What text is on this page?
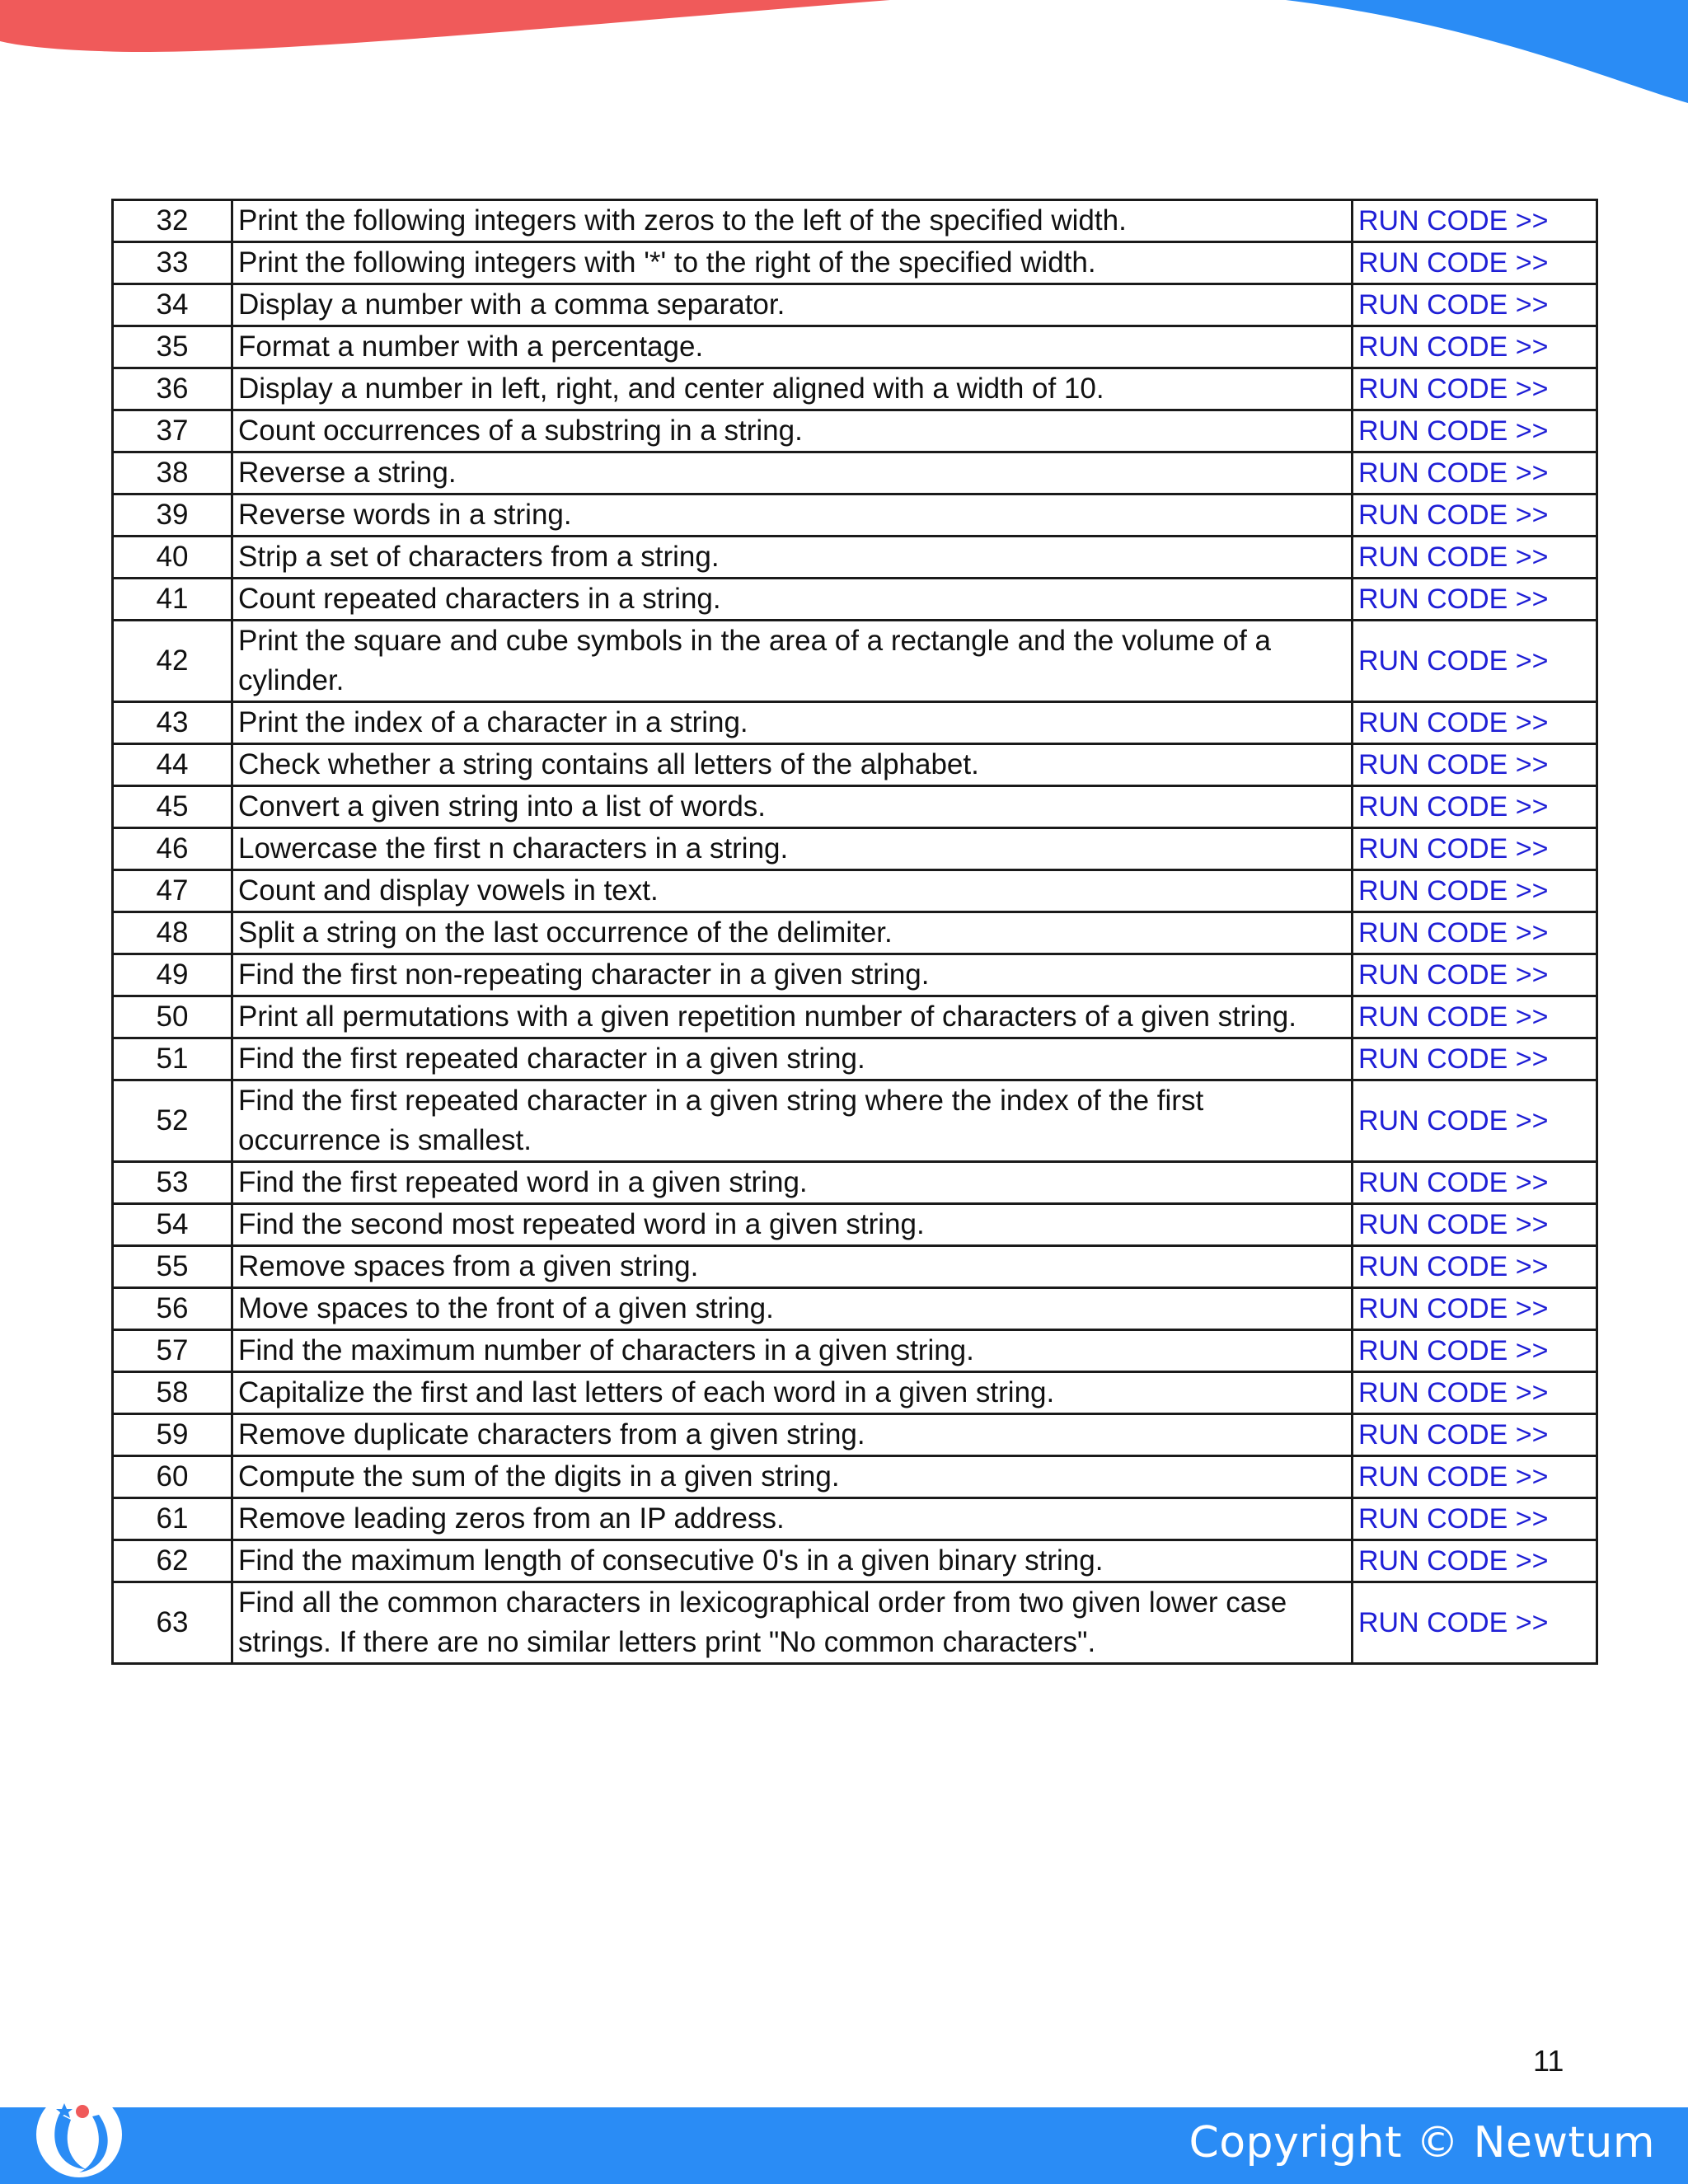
32	Print the following integers with zeros to the left of the specified width.	RUN CODE >>
33	Print the following integers with '*' to the right of the specified width.	RUN CODE >>
34	Display a number with a comma separator.	RUN CODE >>
35	Format a number with a percentage.	RUN CODE >>
36	Display a number in left, right, and center aligned with a width of 10.	RUN CODE >>
37	Count occurrences of a substring in a string.	RUN CODE >>
38	Reverse a string.	RUN CODE >>
39	Reverse words in a string.	RUN CODE >>
40	Strip a set of characters from a string.	RUN CODE >>
41	Count repeated characters in a string.	RUN CODE >>
42	Print the square and cube symbols in the area of a rectangle and the volume of a cylinder.	RUN CODE >>
43	Print the index of a character in a string.	RUN CODE >>
44	Check whether a string contains all letters of the alphabet.	RUN CODE >>
45	Convert a given string into a list of words.	RUN CODE >>
46	Lowercase the first n characters in a string.	RUN CODE >>
47	Count and display vowels in text.	RUN CODE >>
48	Split a string on the last occurrence of the delimiter.	RUN CODE >>
49	Find the first non-repeating character in a given string.	RUN CODE >>
50	Print all permutations with a given repetition number of characters of a given string.	RUN CODE >>
51	Find the first repeated character in a given string.	RUN CODE >>
52	Find the first repeated character in a given string where the index of the first occurrence is smallest.	RUN CODE >>
53	Find the first repeated word in a given string.	RUN CODE >>
54	Find the second most repeated word in a given string.	RUN CODE >>
55	Remove spaces from a given string.	RUN CODE >>
56	Move spaces to the front of a given string.	RUN CODE >>
57	Find the maximum number of characters in a given string.	RUN CODE >>
58	Capitalize the first and last letters of each word in a given string.	RUN CODE >>
59	Remove duplicate characters from a given string.	RUN CODE >>
60	Compute the sum of the digits in a given string.	RUN CODE >>
61	Remove leading zeros from an IP address.	RUN CODE >>
62	Find the maximum length of consecutive 0's in a given binary string.	RUN CODE >>
63	Find all the common characters in lexicographical order from two given lower case strings. If there are no similar letters print "No common characters".	RUN CODE >>
11
Copyright © Newtum
